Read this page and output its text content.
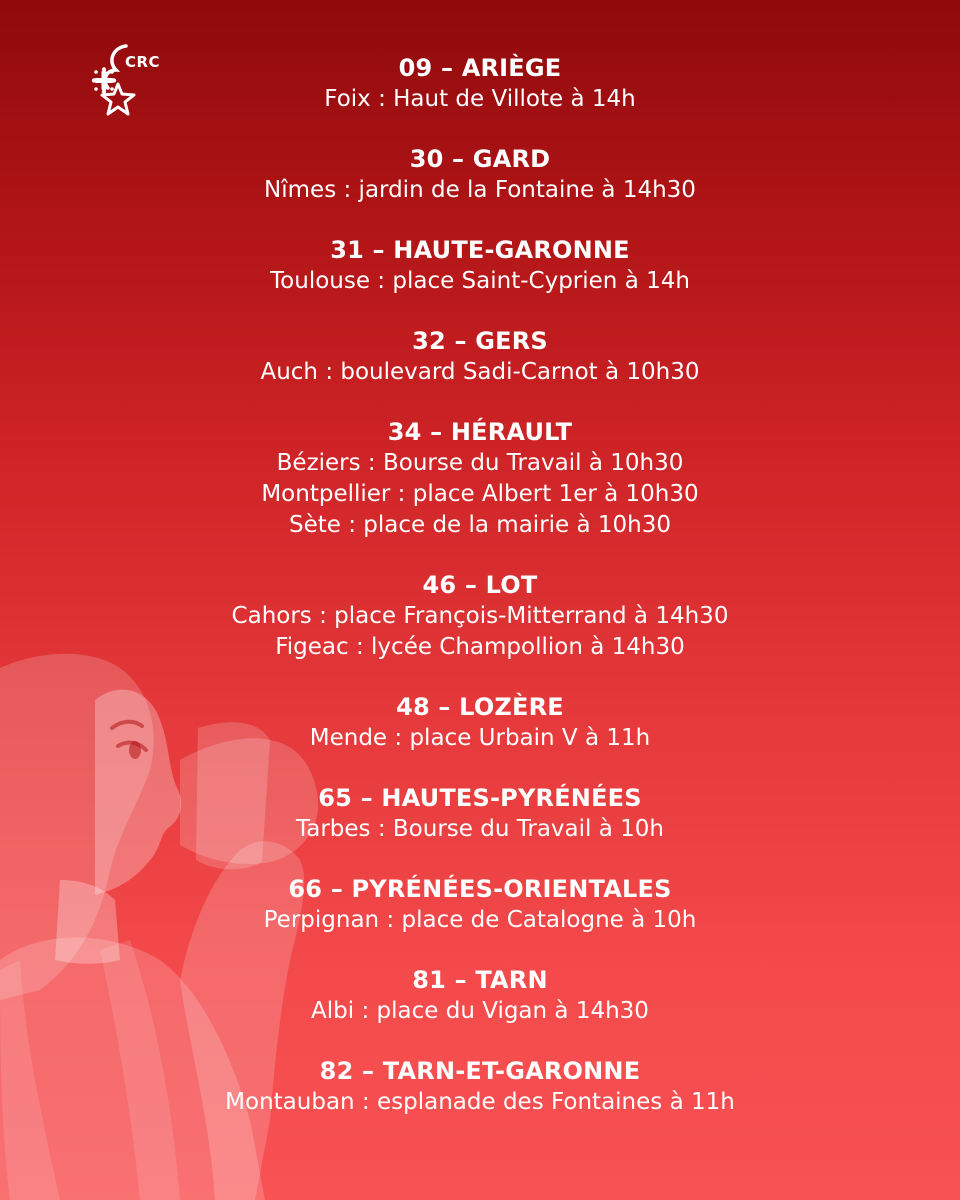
CRC	09 – ARIÈGE
Foix : Haut de Villote à 14h
30 – GARD
Nîmes : jardin de la Fontaine à 14h30
31 – HAUTE-GARONNE
Toulouse : place Saint-Cyprien à 14h
32 – GERS
Auch : boulevard Sadi-Carnot à 10h30
34 – HÉRAULT
Béziers : Bourse du Travail à 10h30
Montpellier : place Albert 1er à 10h30
Sète : place de la mairie à 10h30
46 – LOT
Cahors : place François-Mitterrand à 14h30
Figeac : lycée Champollion à 14h30
48 – LOZÈRE
Mende : place Urbain V à 11h
65 – HAUTES-PYRÉNÉES
Tarbes : Bourse du Travail à 10h
66 – PYRÉNÉES-ORIENTALES
Perpignan : place de Catalogne à 10h
81 – TARN
Albi : place du Vigan à 14h30
82 – TARN-ET-GARONNE
Montauban : esplanade des Fontaines à 11h
